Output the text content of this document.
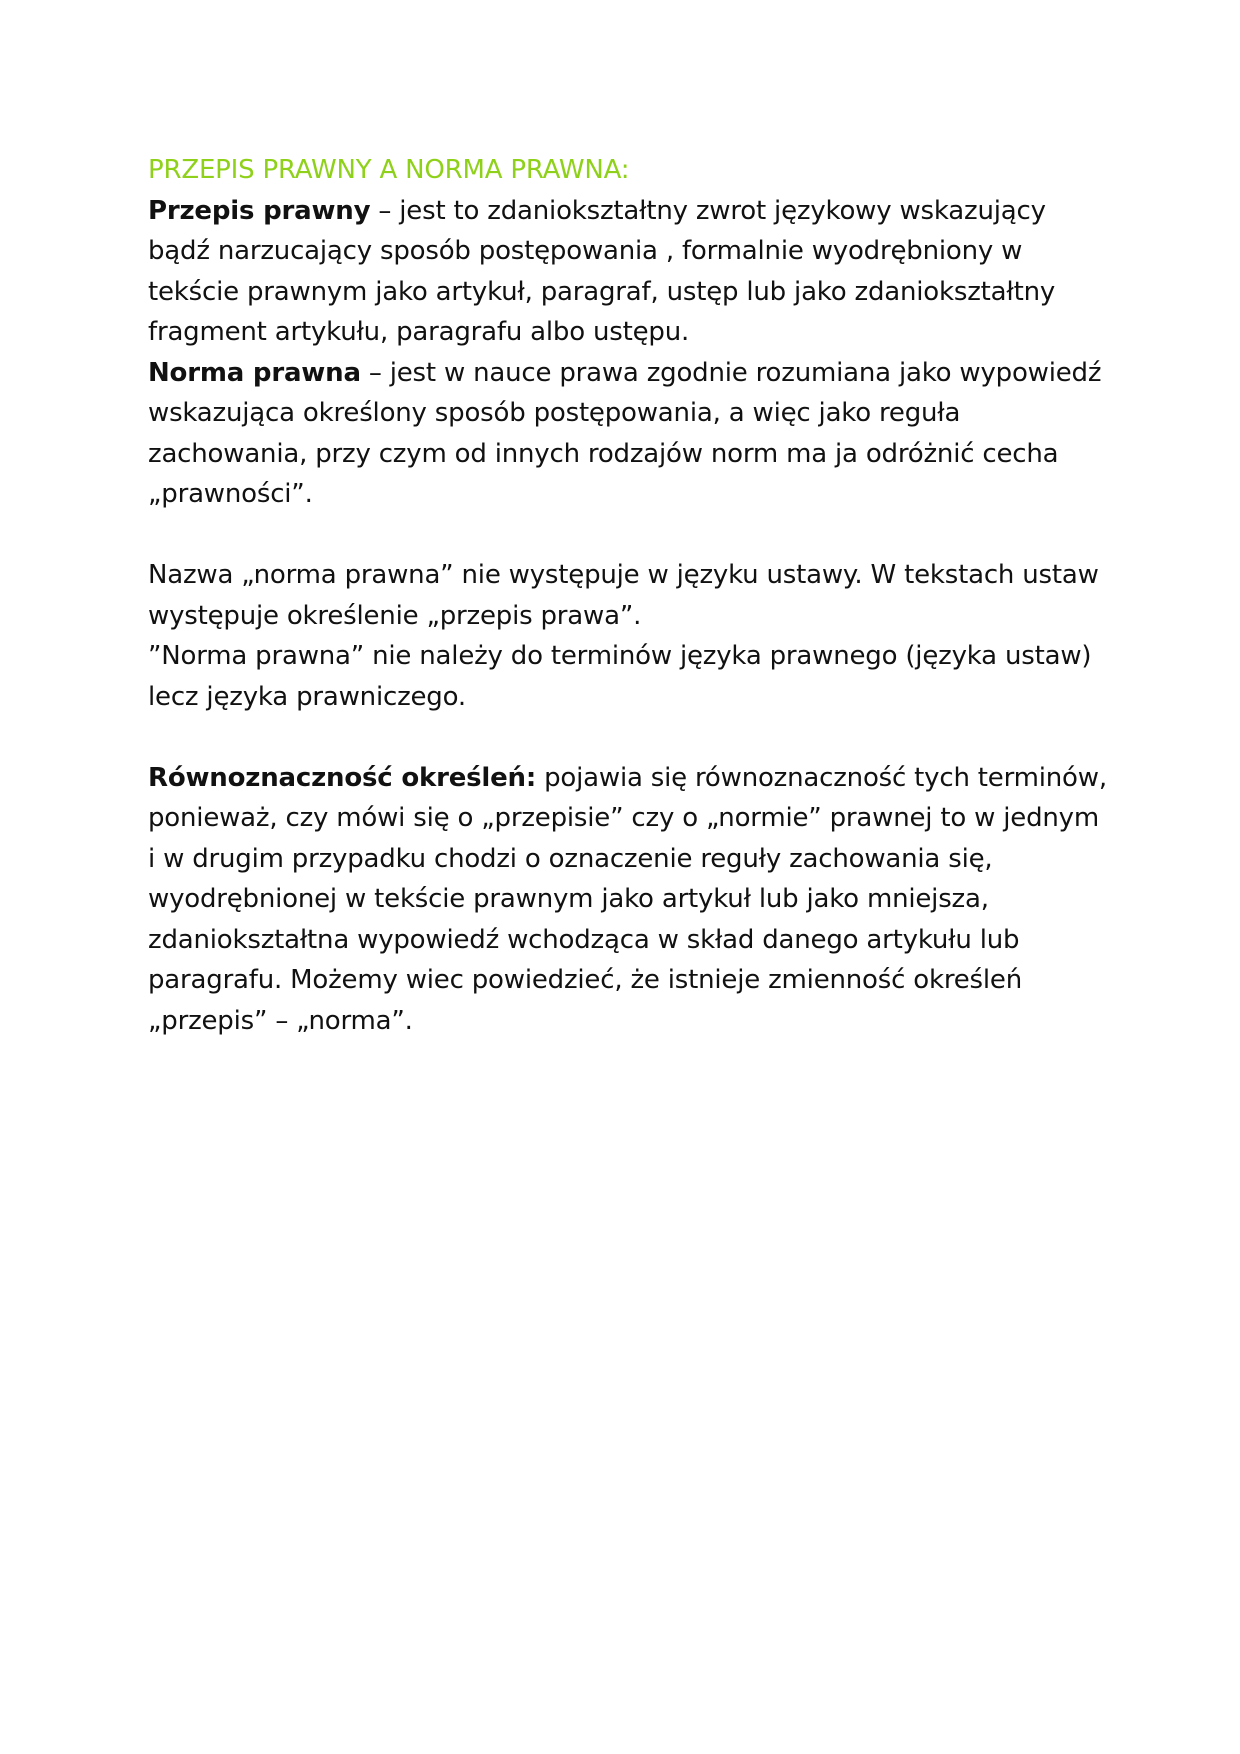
PRZEPIS PRAWNY A NORMA PRAWNA:

Przepis prawny – jest to zdaniokształtny zwrot językowy wskazujący bądź narzucający sposób postępowania , formalnie wyodrębniony w tekście prawnym jako artykuł, paragraf, ustęp lub jako zdaniokształtny fragment artykułu, paragrafu albo ustępu.

Norma prawna – jest w nauce prawa zgodnie rozumiana jako wypowiedź wskazująca określony sposób postępowania, a więc jako reguła zachowania, przy czym od innych rodzajów norm ma ja odróżnić cecha „prawności”.

Nazwa „norma prawna” nie występuje w języku ustawy. W tekstach ustaw występuje określenie „przepis prawa”.

”Norma prawna” nie należy do terminów języka prawnego (języka ustaw) lecz języka prawniczego.

Równoznaczność określeń: pojawia się równoznaczność tych terminów, ponieważ, czy mówi się o „przepisie” czy o „normie” prawnej to w jednym i w drugim przypadku chodzi o oznaczenie reguły zachowania się, wyodrębnionej w tekście prawnym jako artykuł lub jako mniejsza, zdaniokształtna wypowiedź wchodząca w skład danego artykułu lub paragrafu. Możemy wiec powiedzieć, że istnieje zmienność określeń „przepis” – „norma”.
